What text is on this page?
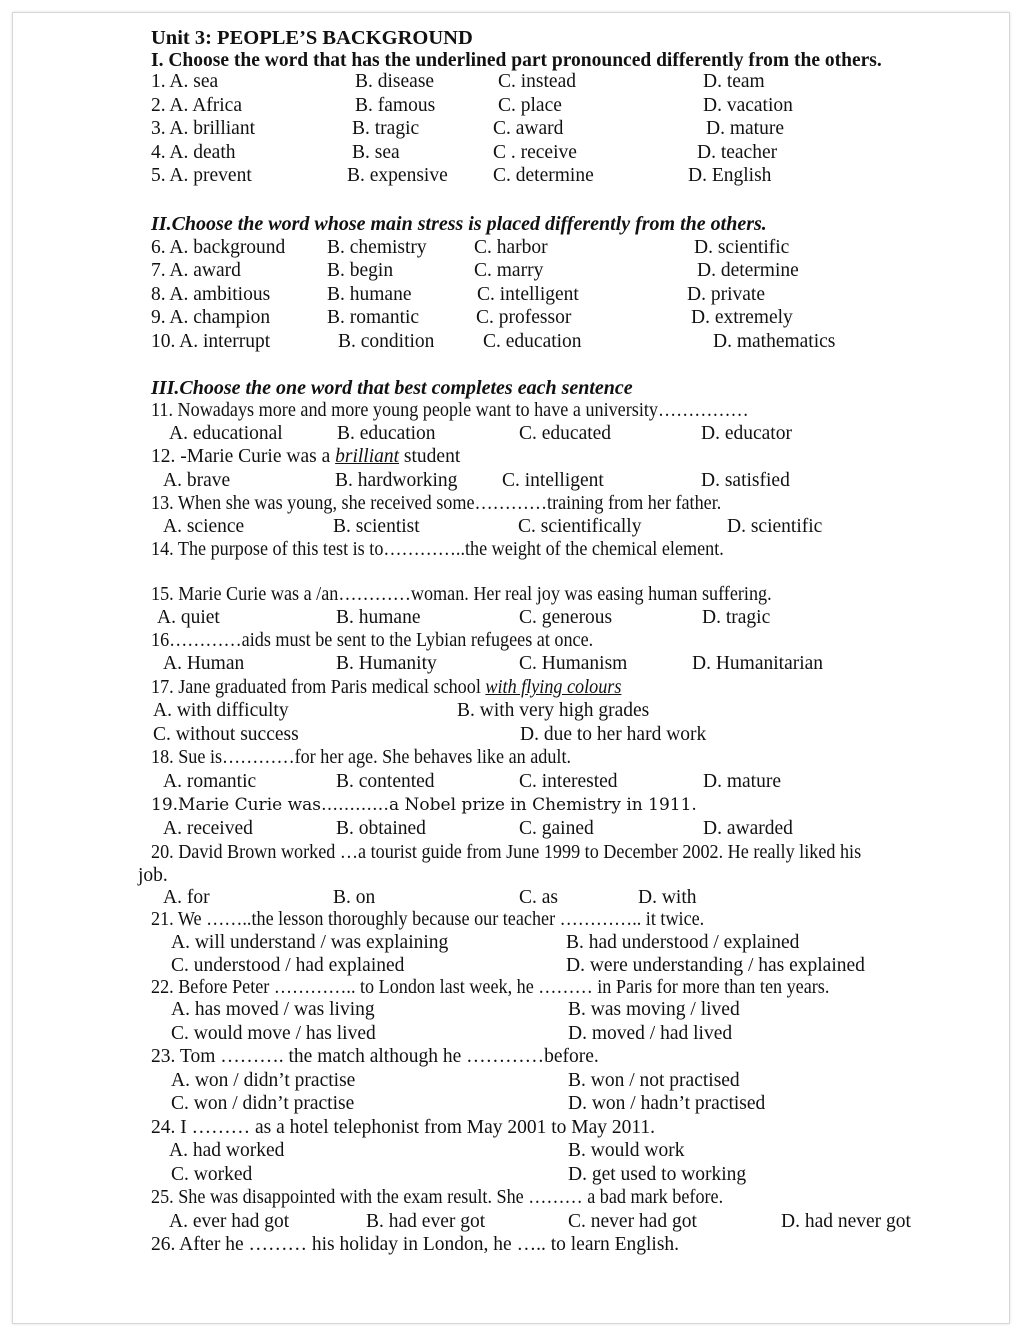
Unit 3: PEOPLE’S BACKGROUND
I. Choose the word that has the underlined part pronounced differently from the others.
1. A. sea	B. disease	C. instead	D. team
2. A. Africa	B. famous	C. place	D. vacation
3. A. brilliant	B. tragic	C. award	D. mature
4. A. death	B. sea	C . receive	D. teacher
5. A. prevent	B. expensive C. determine	D. English
II.Choose the word whose main stress is placed differently from the others.
6. A. background B. chemistry C. harbor	D. scientific
7. A. award	B. begin	C. marry	D. determine
8. A. ambitious	B. humane	C. intelligent	D. private
9. A. champion	B. romantic	C. professor	D. extremely
10. A. interrupt	B. condition C. education	D. mathematics
III.Choose the one word that best completes each sentence
11. Nowadays more and more young people want to have a university……………
A. educational	B. education	C. educated	D. educator
12. -Marie Curie was a brilliant student
A. brave	B. hardworking C. intelligent	D. satisfied
13. When she was young, she received some…………training from her father.
A. science	B. scientist	C. scientifically	D. scientific
14. The purpose of this test is to…………..the weight of the chemical element.
15. Marie Curie was a /an…………woman. Her real joy was easing human suffering.
A. quiet	B. humane	C. generous	D. tragic
16…………aids must be sent to the Lybian refugees at once.
A. Human	B. Humanity	C. Humanism	D. Humanitarian
17. Jane graduated from Paris medical school with flying colours
A. with difficulty	B. with very high grades
C. without success	D. due to her hard work
18. Sue is…………for her age. She behaves like an adult.
A. romantic	B. contented	C. interested	D. mature
19.Marie Curie was…………a Nobel prize in Chemistry in 1911.
A. received	B. obtained	C. gained	D. awarded
20. David Brown worked …a tourist guide from June 1999 to December 2002. He really liked his
job.
A. for	B. on	C. as	D. with
21. We ……..the lesson thoroughly because our teacher ………….. it twice.
A. will understand / was explaining	B. had understood / explained
C. understood / had explained	D. were understanding / has explained
22. Before Peter ………….. to London last week, he ……… in Paris for more than ten years.
A. has moved / was living	B. was moving / lived
C. would move / has lived	D. moved / had lived
23. Tom ………. the match although he …………before.
A. won / didn’t practise	B. won / not practised
C. won / didn’t practise	D. won / hadn’t practised
24. I ……… as a hotel telephonist from May 2001 to May 2011.
A. had worked	B. would work
C. worked	D. get used to working
25. She was disappointed with the exam result. She ……… a bad mark before.
A. ever had got	B. had ever got	C. never had got	D. had never got
26. After he ……… his holiday in London, he ….. to learn English.
